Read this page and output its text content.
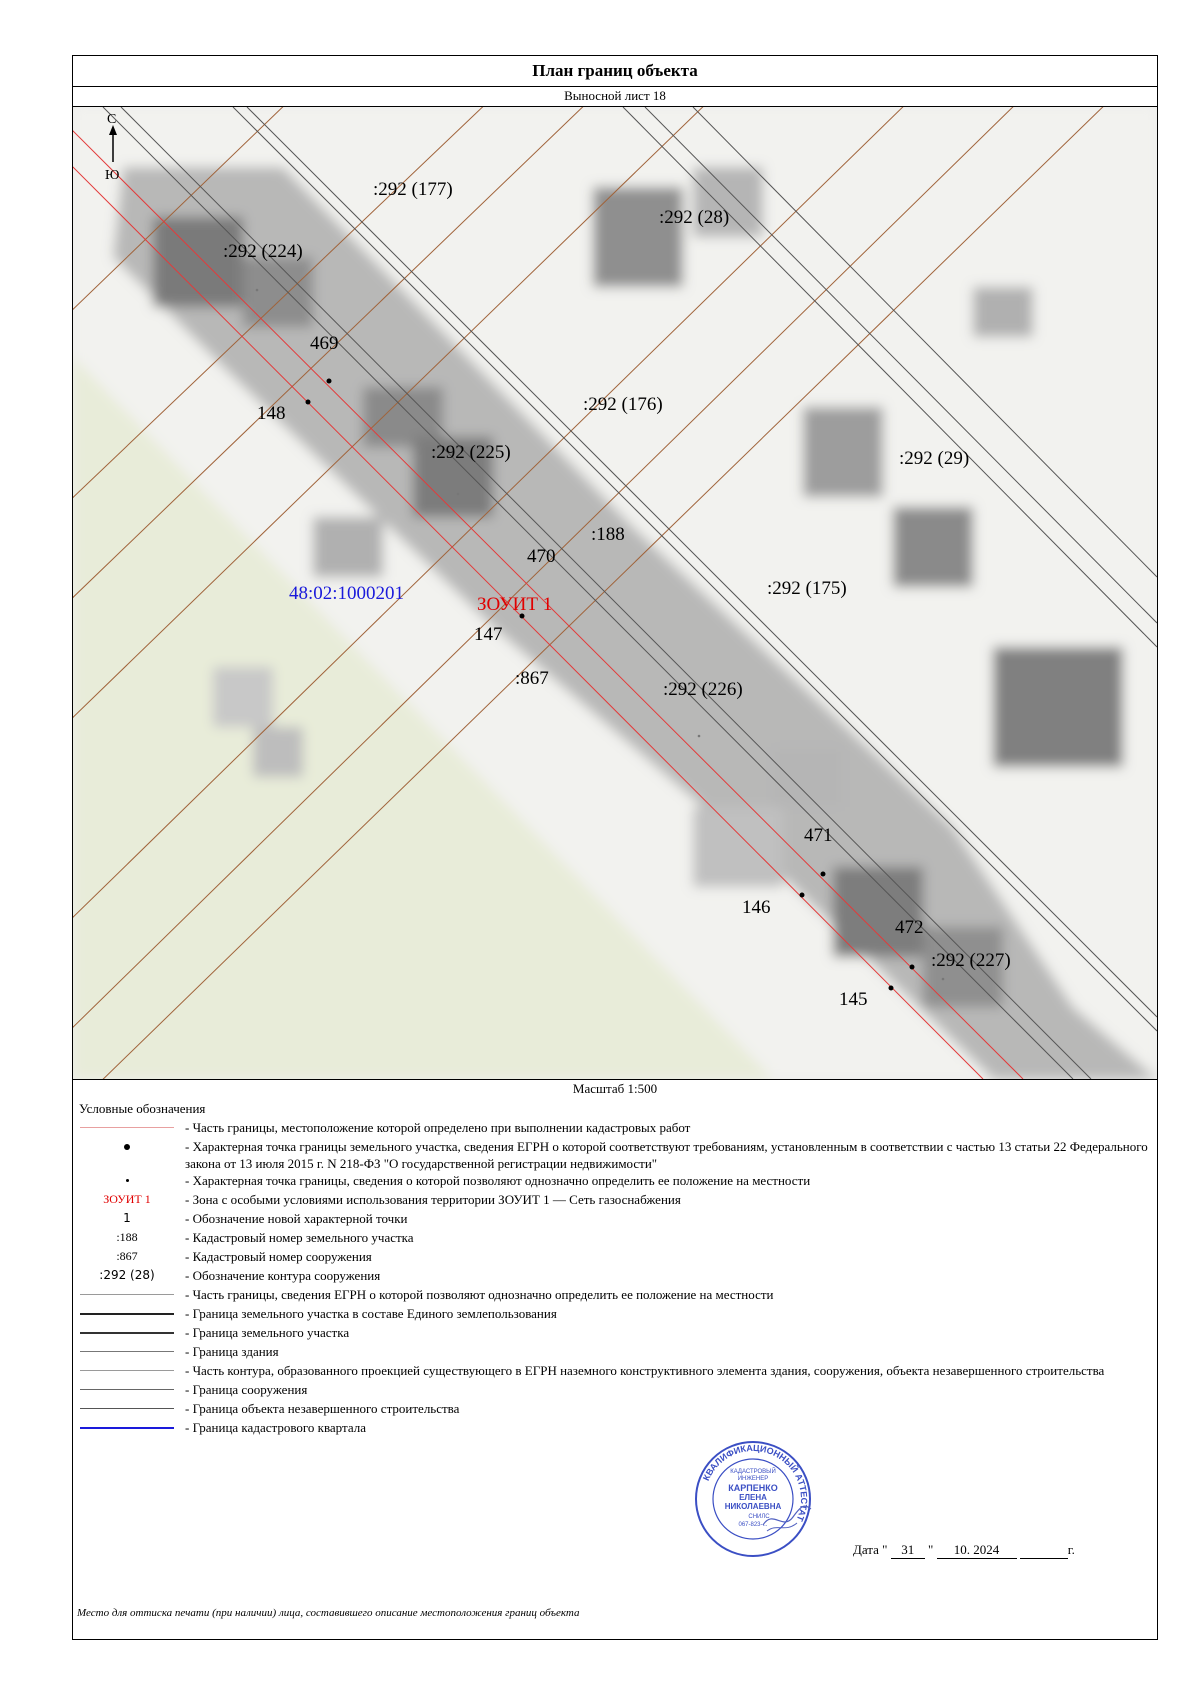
План границ объекта
Выносной лист 18
С
Ю
:292 (177)
:292 (28)
:292 (224)
:292 (176)
:292 (29)
:292 (225)
:188
:292 (175)
:867
:292 (226)
:292 (227)
469
148
470
147
471
146
472
145
48:02:1000201
ЗОУИТ 1
Масштаб 1:500
Условные обозначения
- Часть границы, местоположение которой определено при выполнении кадастровых работ
- Характерная точка границы земельного участка, сведения ЕГРН о которой соответствуют требованиям, установленным в соответствии с частью 13 статьи 22 Федерального закона от 13 июля 2015 г. N 218-ФЗ "О государственной регистрации недвижимости"
- Характерная точка границы, сведения о которой позволяют однозначно определить ее положение на местности
ЗОУИТ 1	- Зона с особыми условиями использования территории ЗОУИТ 1 — Сеть газоснабжения
1	- Обозначение новой характерной точки
:188	- Кадастровый номер земельного участка
:867	- Кадастровый номер сооружения
:292 (28)	- Обозначение контура сооружения
- Часть границы, сведения ЕГРН о которой позволяют однозначно определить ее положение на местности
- Граница земельного участка в составе Единого землепользования
- Граница земельного участка
- Граница здания
- Часть контура, образованного проекцией существующего в ЕГРН наземного конструктивного элемента здания, сооружения, объекта незавершенного строительства
- Граница сооружения
- Граница объекта незавершенного строительства
- Граница кадастрового квартала
КВАЛИФИКАЦИОННЫЙ АТТЕСТАТ
КАДАСТРОВЫЙ
ИНЖЕНЕР
КАРПЕНКО
ЕЛЕНА
НИКОЛАЕВНА
СНИЛС
067-823-...
Дата " 31 " 10. 2024	г.
Место для оттиска печати (при наличии) лица, составившего описание местоположения границ объекта
